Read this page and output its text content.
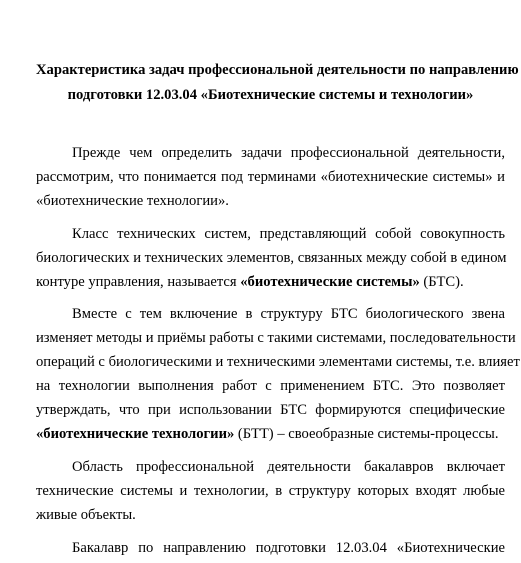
Характеристика задач профессиональной деятельности по направлению
подготовки 12.03.04 «Биотехнические системы и технологии»
Прежде чем определить задачи профессиональной деятельности,
рассмотрим, что понимается под терминами «биотехнические системы» и
«биотехнические технологии».
Класс технических систем, представляющий собой совокупность
биологических и технических элементов, связанных между собой в едином
контуре управления, называется «биотехнические системы» (БТС).
Вместе с тем включение в структуру БТС биологического звена
изменяет методы и приёмы работы с такими системами, последовательности
операций с биологическими и техническими элементами системы, т.е. влияет
на технологии выполнения работ с применением БТС. Это позволяет
утверждать, что при использовании БТС формируются специфические
«биотехнические технологии» (БТТ) – своеобразные системы-процессы.
Область профессиональной деятельности бакалавров включает
технические системы и технологии, в структуру которых входят любые
живые объекты.
Бакалавр по направлению подготовки 12.03.04 «Биотехнические
